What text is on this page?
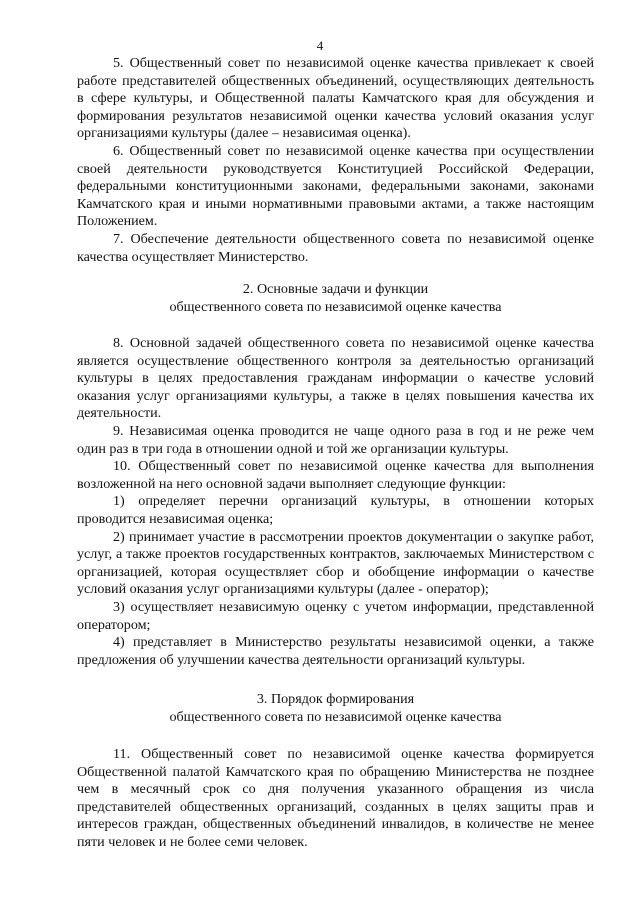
4

5. Общественный совет по независимой оценке качества привлекает к своей работе представителей общественных объединений, осуществляющих деятельность в сфере культуры, и Общественной палаты Камчатского края для обсуждения и формирования результатов независимой оценки качества условий оказания услуг организациями культуры (далее – независимая оценка).

6. Общественный совет по независимой оценке качества при осуществлении своей деятельности руководствуется Конституцией Российской Федерации, федеральными конституционными законами, федеральными законами, законами Камчатского края и иными нормативными правовыми актами, а также настоящим Положением.

7. Обеспечение деятельности общественного совета по независимой оценке качества осуществляет Министерство.

2. Основные задачи и функции
общественного совета по независимой оценке качества

8. Основной задачей общественного совета по независимой оценке качества является осуществление общественного контроля за деятельностью организаций культуры в целях предоставления гражданам информации о качестве условий оказания услуг организациями культуры, а также в целях повышения качества их деятельности.

9. Независимая оценка проводится не чаще одного раза в год и не реже чем один раз в три года в отношении одной и той же организации культуры.

10. Общественный совет по независимой оценке качества для выполнения возложенной на него основной задачи выполняет следующие функции:

1) определяет перечни организаций культуры, в отношении которых проводится независимая оценка;

2) принимает участие в рассмотрении проектов документации о закупке работ, услуг, а также проектов государственных контрактов, заключаемых Министерством с организацией, которая осуществляет сбор и обобщение информации о качестве условий оказания услуг организациями культуры (далее - оператор);

3) осуществляет независимую оценку с учетом информации, представленной оператором;

4) представляет в Министерство результаты независимой оценки, а также предложения об улучшении качества деятельности организаций культуры.

3. Порядок формирования
общественного совета по независимой оценке качества

11. Общественный совет по независимой оценке качества формируется Общественной палатой Камчатского края по обращению Министерства не позднее чем в месячный срок со дня получения указанного обращения из числа представителей общественных организаций, созданных в целях защиты прав и интересов граждан, общественных объединений инвалидов, в количестве не менее пяти человек и не более семи человек.
